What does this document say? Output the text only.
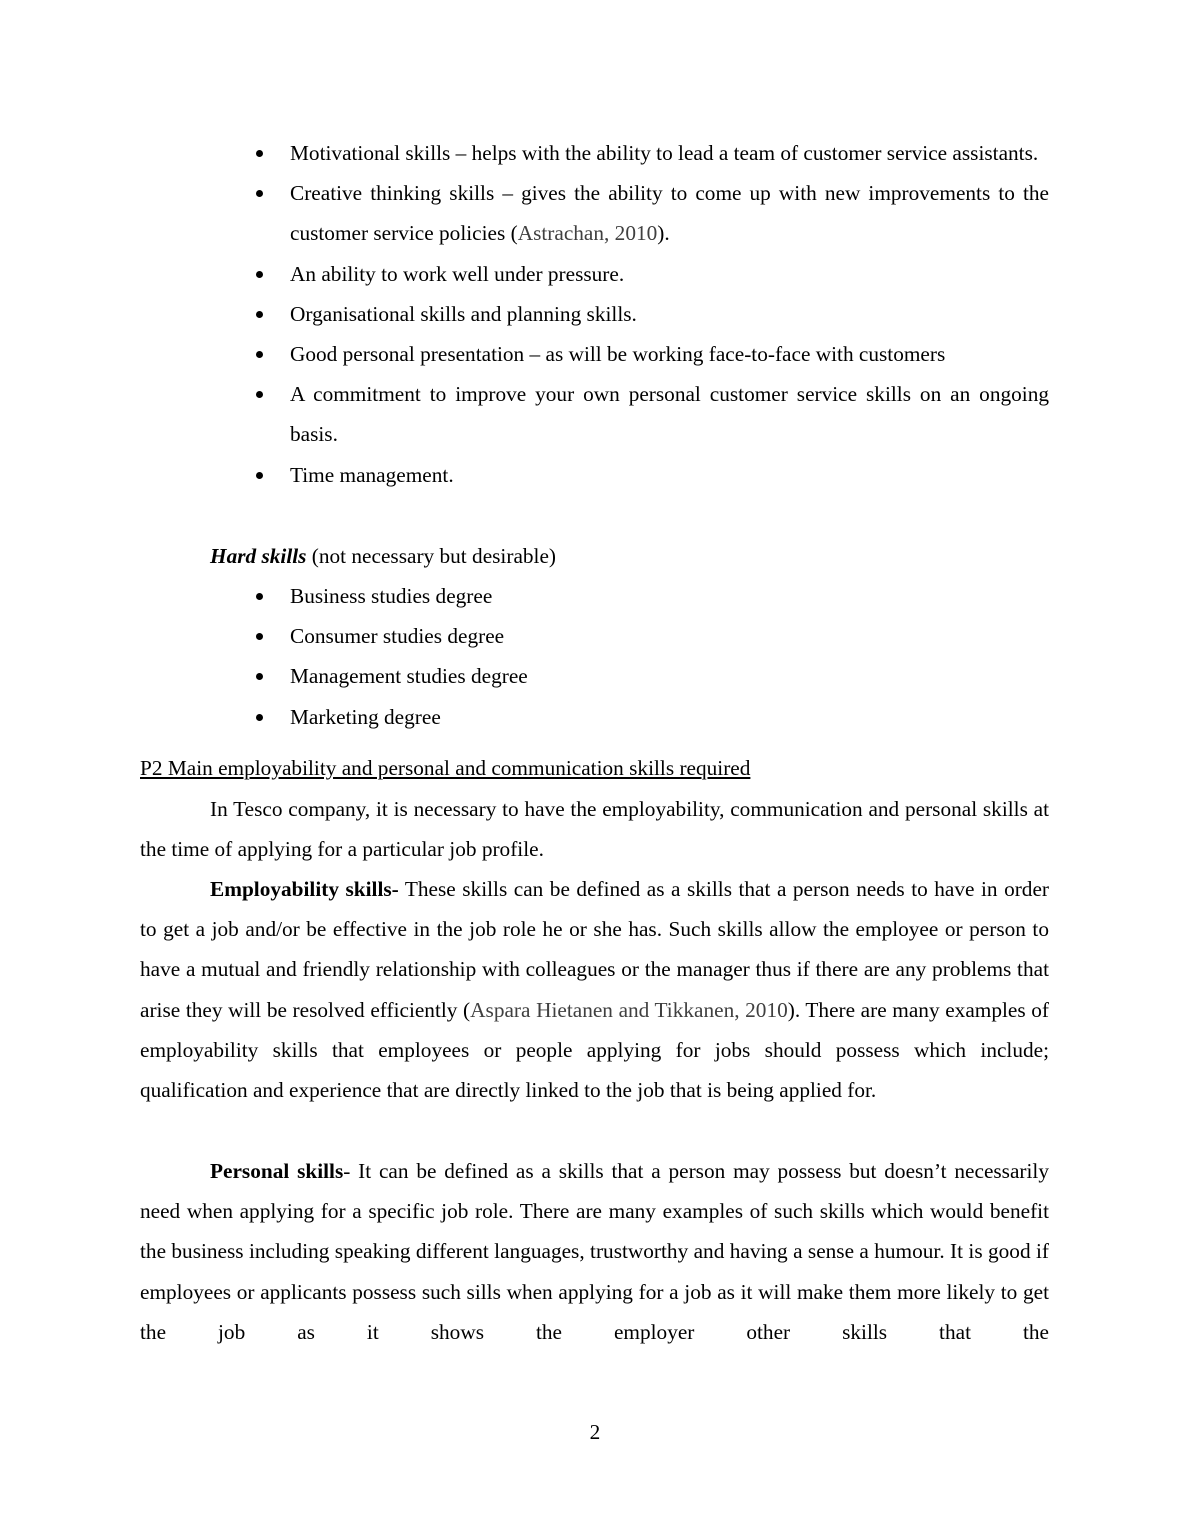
Motivational skills – helps with the ability to lead a team of customer service assistants.
Creative thinking skills – gives the ability to come up with new improvements to the customer service policies (Astrachan, 2010).
An ability to work well under pressure.
Organisational skills and planning skills.
Good personal presentation – as will be working face-to-face with customers
A commitment to improve your own personal customer service skills on an ongoing basis.
Time management.

Hard skills (not necessary but desirable)

Business studies degree
Consumer studies degree
Management studies degree
Marketing degree
P2 Main employability and personal and communication skills required

In Tesco company, it is necessary to have the employability, communication and personal skills at the time of applying for a particular job profile.

Employability skills- These skills can be defined as a skills that a person needs to have in order to get a job and/or be effective in the job role he or she has. Such skills allow the employee or person to have a mutual and friendly relationship with colleagues or the manager thus if there are any problems that arise they will be resolved efficiently (Aspara Hietanen and Tikkanen, 2010). There are many examples of employability skills that employees or people applying for jobs should possess which include; qualification and experience that are directly linked to the job that is being applied for.

Personal skills- It can be defined as a skills that a person may possess but doesn’t necessarily need when applying for a specific job role. There are many examples of such skills which would benefit the business including speaking different languages, trustworthy and having a sense a humour. It is good if employees or applicants possess such sills when applying for a job as it will make them more likely to get the job as it shows the employer other skills that the

2
